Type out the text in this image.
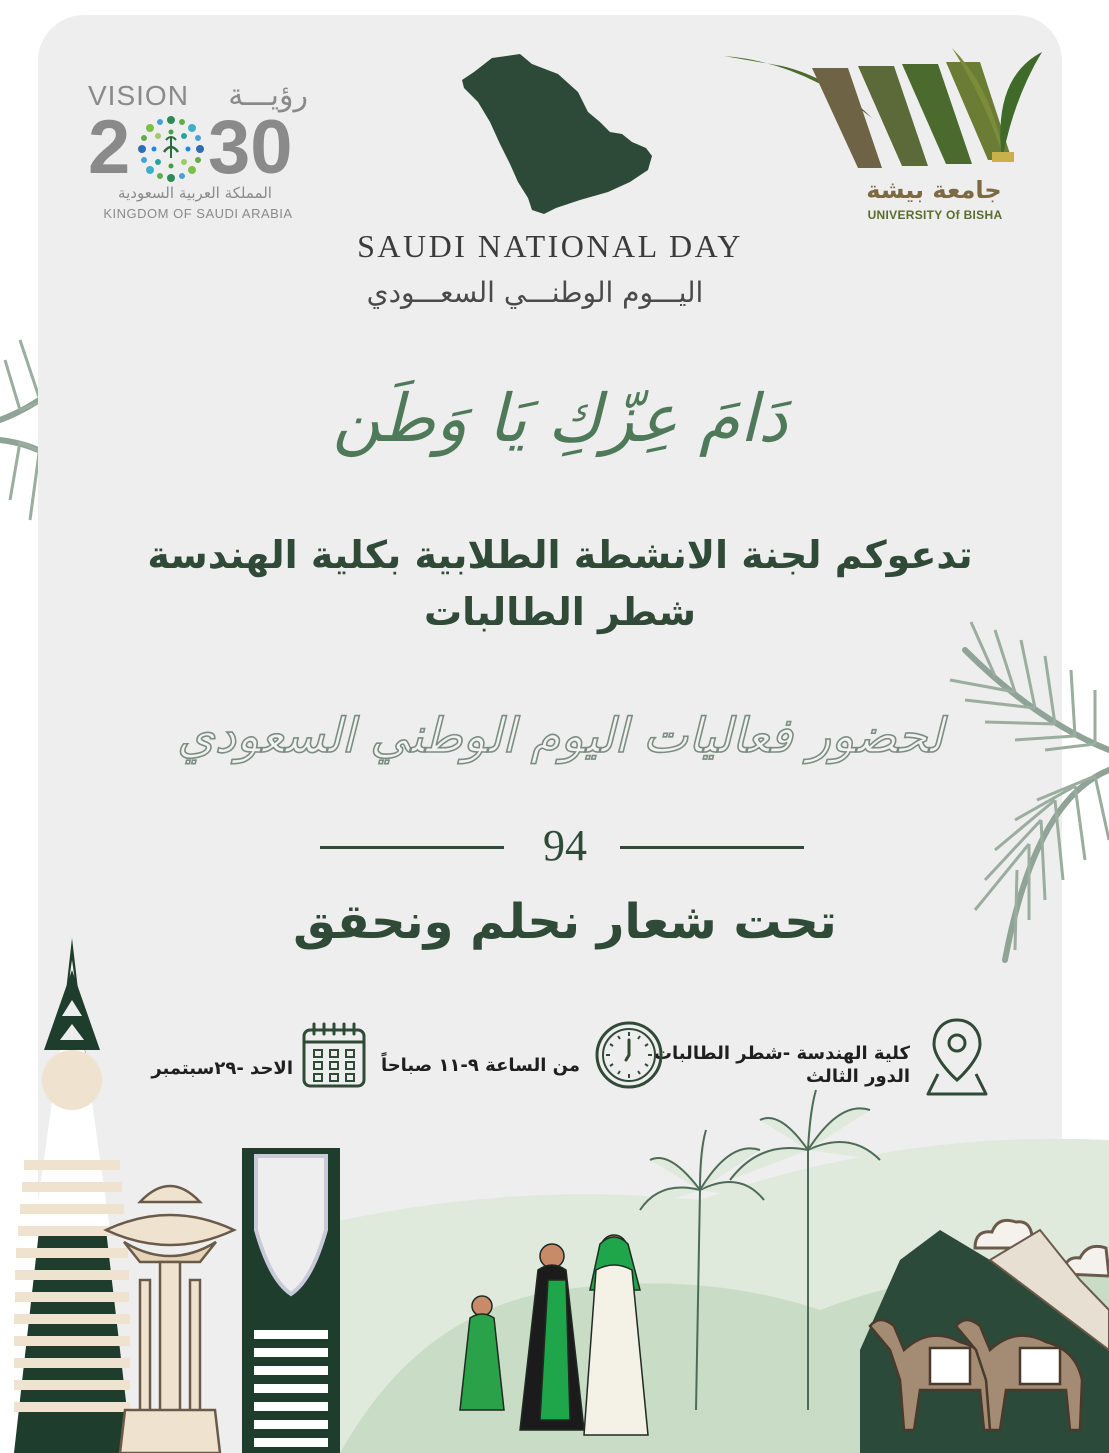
VISION رؤيـــة
2 30
المملكة العربية السعودية
KINGDOM OF SAUDI ARABIA
جامعة بيشة
UNIVERSITY Of BISHA
SAUDI NATIONAL DAY
اليـــوم الوطنـــي السعـــودي
دَامَ عِزّكِ يَا وَطَن
تدعوكم لجنة الانشطة الطلابية بكلية الهندسة
شطر الطالبات
لحضور فعاليات اليوم الوطني السعودي
94
تحت شعار نحلم ونحقق
كلية الهندسة -شطر الطالبات
الدور الثالث
من الساعة ٩-١١ صباحاً
الاحد -٢٩سبتمبر
